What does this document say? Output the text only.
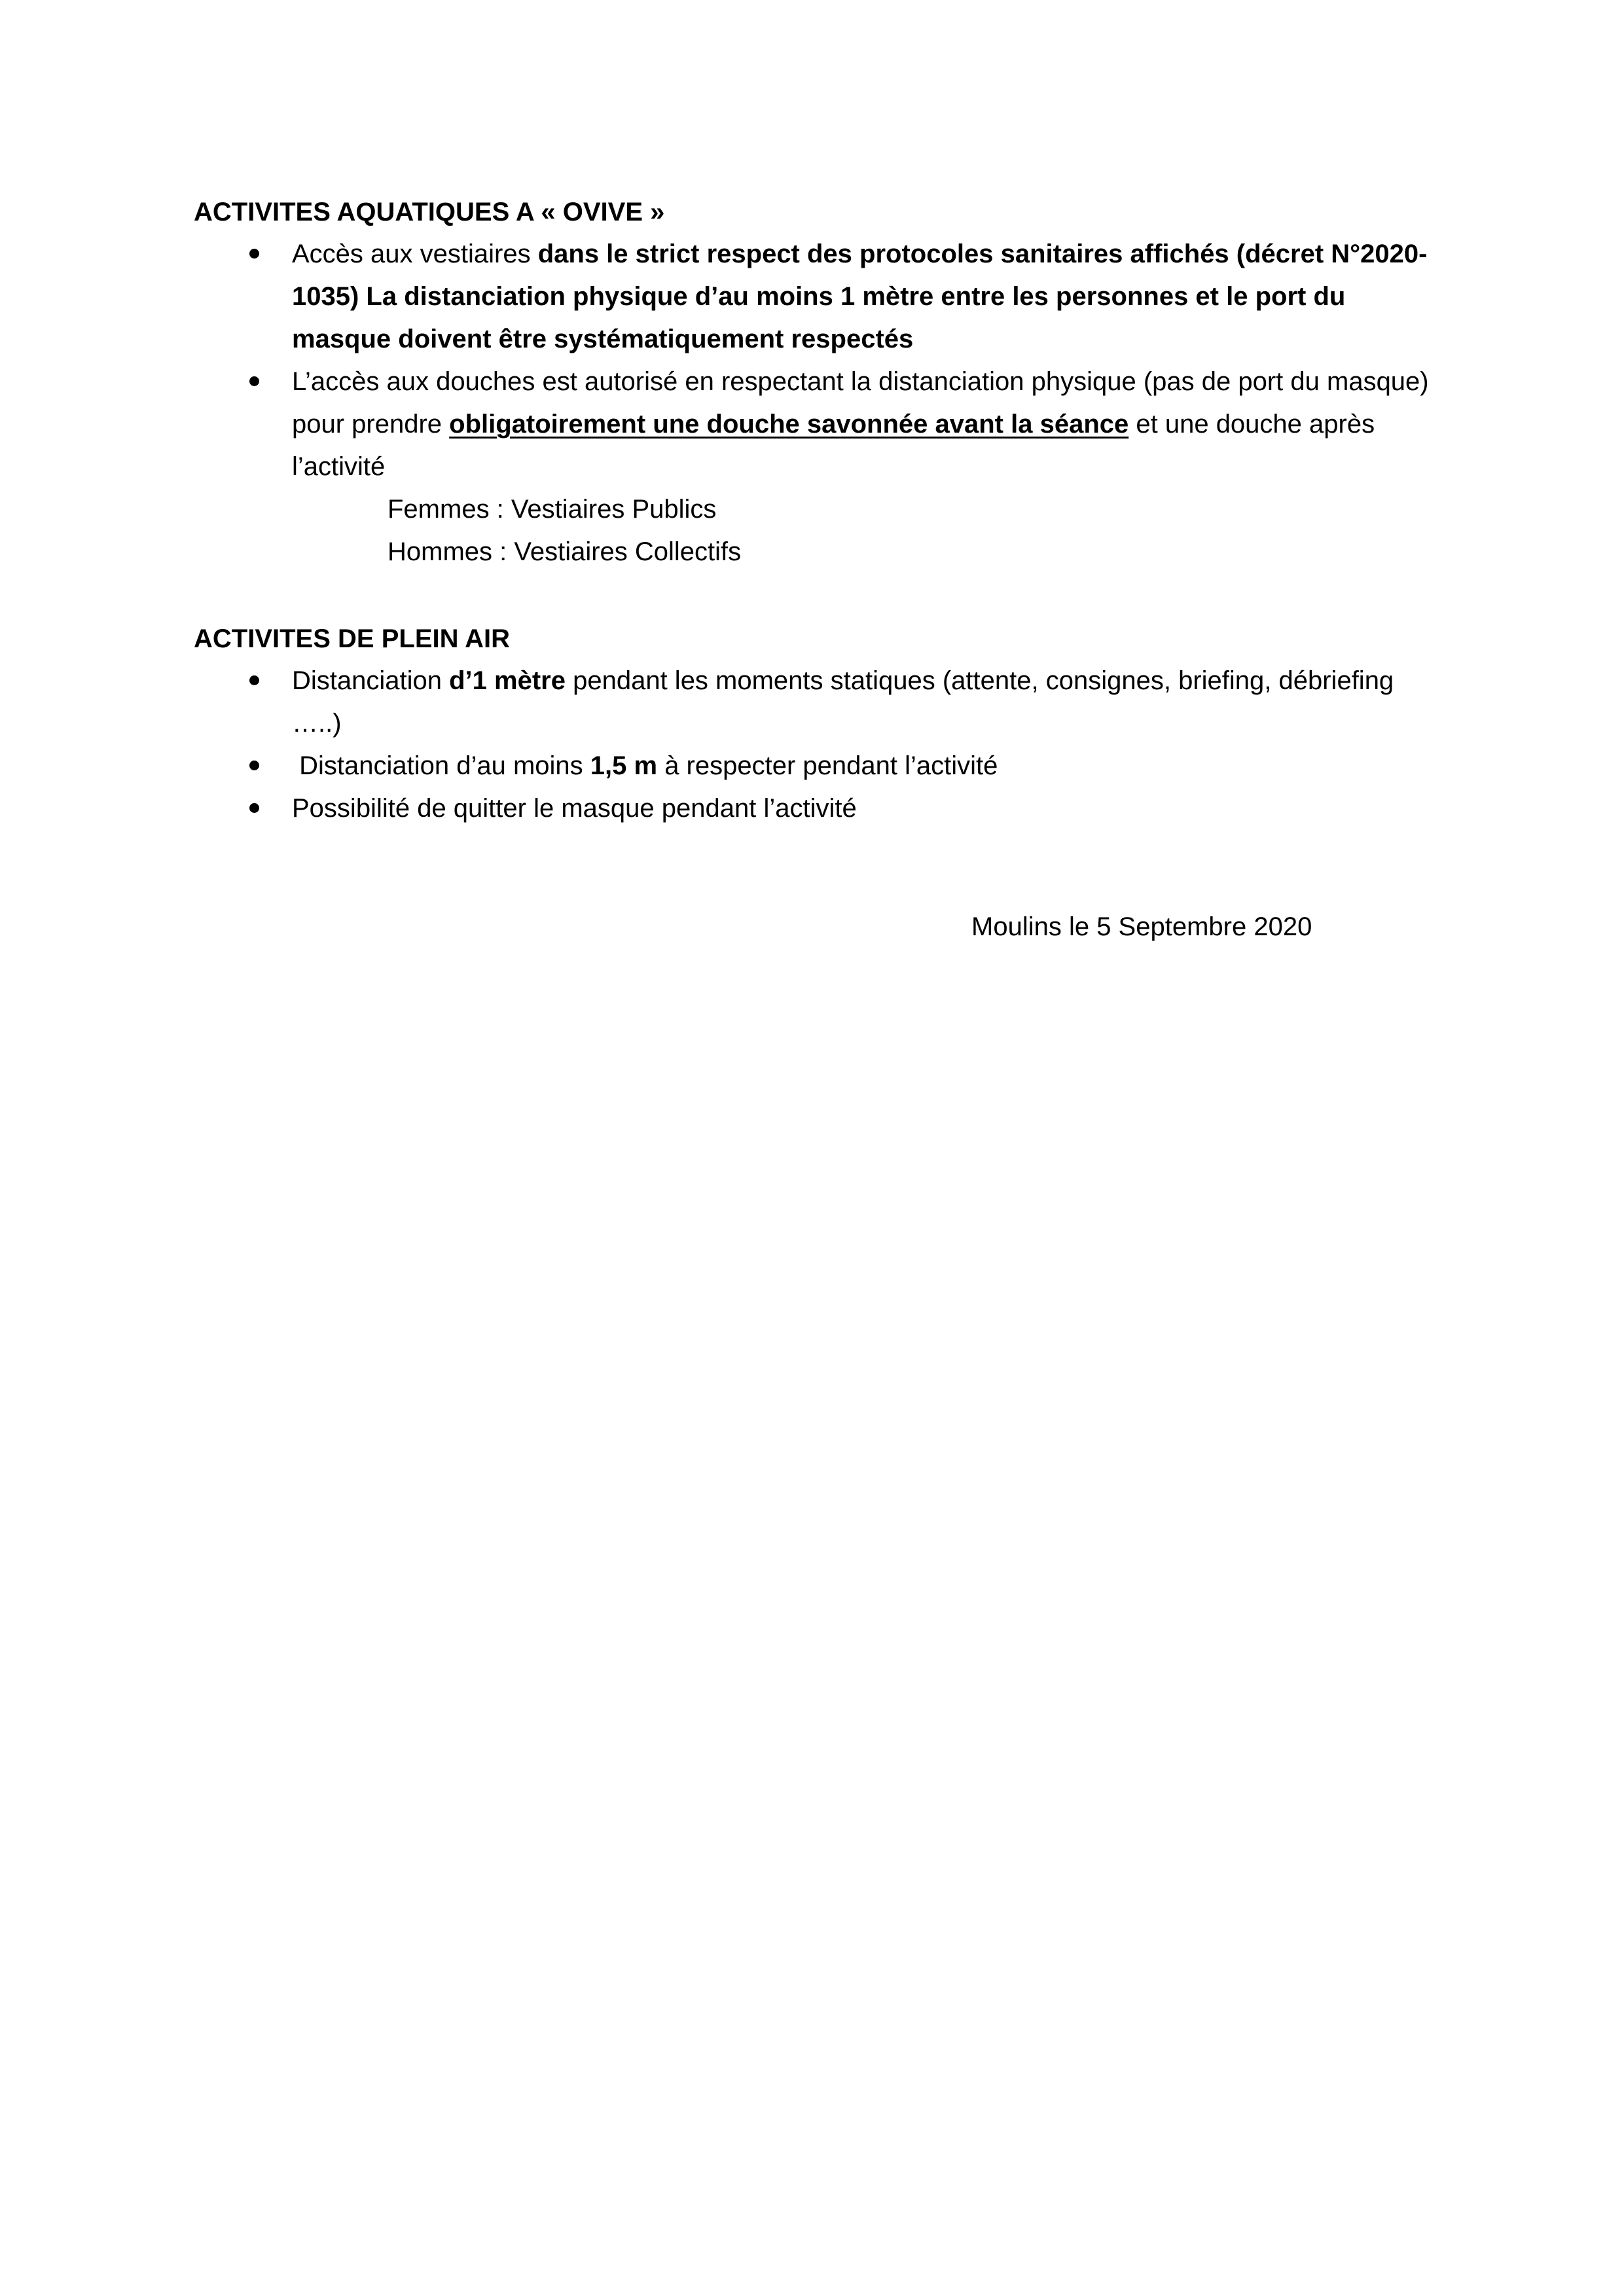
ACTIVITES AQUATIQUES A « OVIVE »
Accès aux vestiaires dans le strict respect des protocoles sanitaires affichés (décret N°2020-1035) La distanciation physique d’au moins 1 mètre entre les personnes et le port du masque doivent être systématiquement respectés
L’accès aux douches est autorisé en respectant la distanciation physique (pas de port du masque) pour prendre obligatoirement une douche savonnée avant la séance et une douche après l’activité
Femmes : Vestiaires Publics
Hommes : Vestiaires Collectifs
ACTIVITES DE PLEIN AIR
Distanciation d’1 mètre pendant les moments statiques (attente, consignes, briefing, débriefing …..)
Distanciation d’au moins 1,5 m à respecter pendant l’activité
Possibilité de quitter le masque pendant l’activité
Moulins le 5 Septembre 2020
